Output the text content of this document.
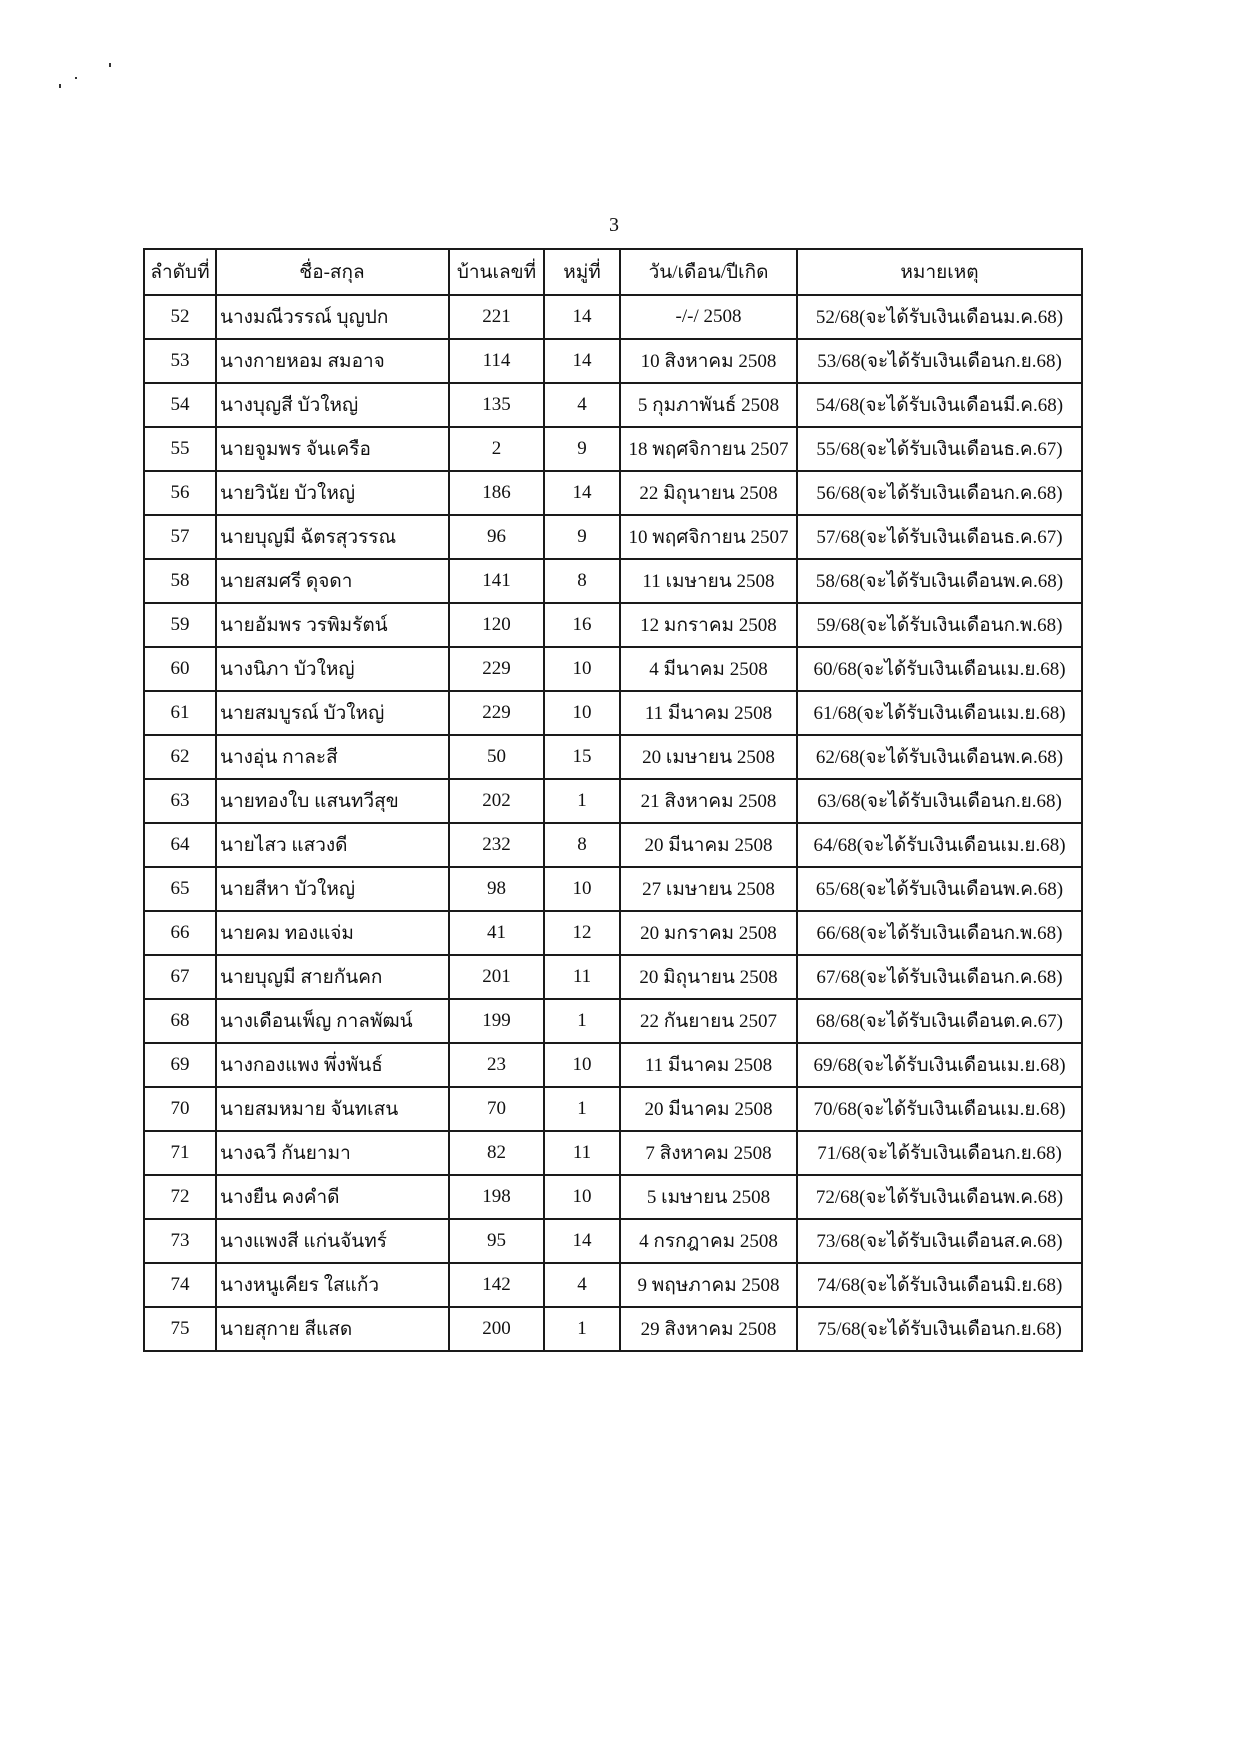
3
ลำดับที่	ชื่อ-สกุล	บ้านเลขที่	หมู่ที่	วัน/เดือน/ปีเกิด	หมายเหตุ
52	นางมณีวรรณ์ บุญปก	221	14	-/-/ 2508	52/68(จะได้รับเงินเดือนม.ค.68)
53	นางกายหอม สมอาจ	114	14	10 สิงหาคม 2508	53/68(จะได้รับเงินเดือนก.ย.68)
54	นางบุญสี บัวใหญ่	135	4	5 กุมภาพันธ์ 2508	54/68(จะได้รับเงินเดือนมี.ค.68)
55	นายจูมพร จันเครือ	2	9	18 พฤศจิกายน 2507	55/68(จะได้รับเงินเดือนธ.ค.67)
56	นายวินัย บัวใหญ่	186	14	22 มิถุนายน 2508	56/68(จะได้รับเงินเดือนก.ค.68)
57	นายบุญมี ฉัตรสุวรรณ	96	9	10 พฤศจิกายน 2507	57/68(จะได้รับเงินเดือนธ.ค.67)
58	นายสมศรี ดุจดา	141	8	11 เมษายน 2508	58/68(จะได้รับเงินเดือนพ.ค.68)
59	นายอัมพร วรพิมรัตน์	120	16	12 มกราคม 2508	59/68(จะได้รับเงินเดือนก.พ.68)
60	นางนิภา บัวใหญ่	229	10	4 มีนาคม 2508	60/68(จะได้รับเงินเดือนเม.ย.68)
61	นายสมบูรณ์ บัวใหญ่	229	10	11 มีนาคม 2508	61/68(จะได้รับเงินเดือนเม.ย.68)
62	นางอุ่น กาละสี	50	15	20 เมษายน 2508	62/68(จะได้รับเงินเดือนพ.ค.68)
63	นายทองใบ แสนทวีสุข	202	1	21 สิงหาคม 2508	63/68(จะได้รับเงินเดือนก.ย.68)
64	นายไสว แสวงดี	232	8	20 มีนาคม 2508	64/68(จะได้รับเงินเดือนเม.ย.68)
65	นายสีหา บัวใหญ่	98	10	27 เมษายน 2508	65/68(จะได้รับเงินเดือนพ.ค.68)
66	นายคม ทองแจ่ม	41	12	20 มกราคม 2508	66/68(จะได้รับเงินเดือนก.พ.68)
67	นายบุญมี สายกันคก	201	11	20 มิถุนายน 2508	67/68(จะได้รับเงินเดือนก.ค.68)
68	นางเดือนเพ็ญ กาลพัฒน์	199	1	22 กันยายน 2507	68/68(จะได้รับเงินเดือนต.ค.67)
69	นางกองแพง พึ่งพันธ์	23	10	11 มีนาคม 2508	69/68(จะได้รับเงินเดือนเม.ย.68)
70	นายสมหมาย จันทเสน	70	1	20 มีนาคม 2508	70/68(จะได้รับเงินเดือนเม.ย.68)
71	นางฉวี กันยามา	82	11	7 สิงหาคม 2508	71/68(จะได้รับเงินเดือนก.ย.68)
72	นางยืน คงคำดี	198	10	5 เมษายน 2508	72/68(จะได้รับเงินเดือนพ.ค.68)
73	นางแพงสี แก่นจันทร์	95	14	4 กรกฎาคม 2508	73/68(จะได้รับเงินเดือนส.ค.68)
74	นางหนูเคียร ใสแก้ว	142	4	9 พฤษภาคม 2508	74/68(จะได้รับเงินเดือนมิ.ย.68)
75	นายสุกาย สีแสด	200	1	29 สิงหาคม 2508	75/68(จะได้รับเงินเดือนก.ย.68)
